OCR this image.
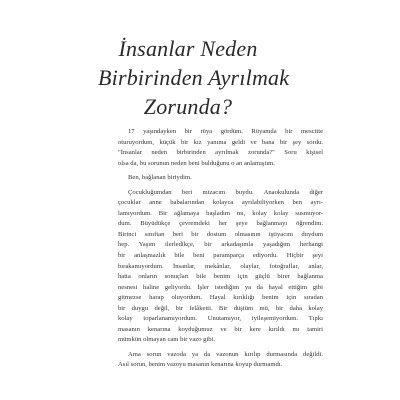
İnsanlar Neden
Birbirinden Ayrılmak
Zorunda?
17 yaşındayken bir rüya gördüm. Rüyamda bir mescitte
oturuyordum, küçük bir kız yanıma geldi ve bana bir şey sordu.
"İnsanlar neden birbirinden ayrılmak zorunda?" Soru kişisel
olsa da, bu sorunun neden beni bulduğunu o an anlamıştım.
Ben, bağlanan biriydim.
Çocukluğumdan beri mizacım buydu. Anaokulunda diğer
çocuklar anne babalarından kolayca ayrılabiliyorken ben ayrı-
lamıyordum. Bir ağlamaya başladım mı, kolay kolay susmuyor-
dum. Büyüdükçe çevremdeki her şeye bağlanmayı öğrendim.
Birinci sınıftan beri bir dostum olmasının iştiyacını duydum
hep. Yaşım ilerledikçe, bir arkadaşımla yaşadığım herhangi
bir anlaşmazlık bile beni paramparça ediyordu. Hiçbir şeyi
bırakamıyordum. İnsanlar, mekânlar, olaylar, fotoğraflar, anlar,
hatta onların sonuçları bile benim için güçlü birer bağlanma
nesnesi haline geliyordu. İşler istediğim ya da hayal ettiğim gibi
gitmezse harap oluyordum. Hayal kırıklığı benim için sıradan
bir duygu değil, bir felâketti. Bir düştüm mü, bir daha kolay
kolay toparlanamıyordum. Unutamıyor, iyileşemiyordum. Tıpkı
masanın kenarına koyduğumuz ve bir kere kırıldı mı tamiri
mümkün olmayan cam bir vazo gibi.
Ama sorun vazoda ya da vazonun kırılıp durmasında değildi.
Asıl sorun, benim vazoyu masanın kenarına koyup durmamdı.
